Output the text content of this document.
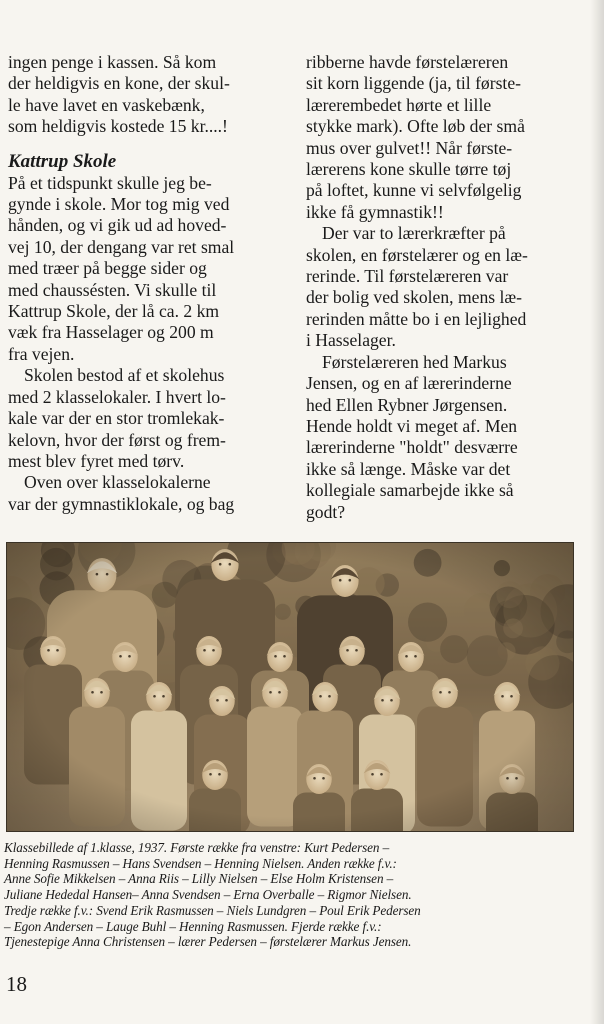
ingen penge i kassen. Så kom
der heldigvis en kone, der skul-
le have lavet en vaskebænk,
som heldigvis kostede 15 kr....!

Kattrup Skole

På et tidspunkt skulle jeg be-
gynde i skole. Mor tog mig ved
hånden, og vi gik ud ad hoved-
vej 10, der dengang var ret smal
med træer på begge sider og
med chaussésten. Vi skulle til
Kattrup Skole, der lå ca. 2 km
væk fra Hasselager og 200 m
fra vejen.

Skolen bestod af et skolehus
med 2 klasselokaler. I hvert lo-
kale var der en stor tromlekak-
kelovn, hvor der først og frem-
mest blev fyret med tørv.

Oven over klasselokalerne
var der gymnastiklokale, og bag

ribberne havde førstelæreren
sit korn liggende (ja, til første-
lærerembedet hørte et lille
stykke mark). Ofte løb der små
mus over gulvet!! Når første-
lærerens kone skulle tørre tøj
på loftet, kunne vi selvfølgelig
ikke få gymnastik!!

Der var to lærerkræfter på
skolen, en førstelærer og en læ-
rerinde. Til førstelæreren var
der bolig ved skolen, mens læ-
rerinden måtte bo i en lejlighed
i Hasselager.

Førstelæreren hed Markus
Jensen, og en af lærerinderne
hed Ellen Rybner Jørgensen.
Hende holdt vi meget af. Men
lærerinderne "holdt" desværre
ikke så længe. Måske var det
kollegiale samarbejde ikke så
godt?

Klassebillede af 1.klasse, 1937. Første række fra venstre: Kurt Pedersen –
Henning Rasmussen – Hans Svendsen – Henning Nielsen. Anden række f.v.:
Anne Sofie Mikkelsen – Anna Riis – Lilly Nielsen – Else Holm Kristensen –
Juliane Hededal Hansen– Anna Svendsen – Erna Overballe – Rigmor Nielsen.
Tredje række f.v.: Svend Erik Rasmussen – Niels Lundgren – Poul Erik Pedersen
– Egon Andersen – Lauge Buhl – Henning Rasmussen. Fjerde række f.v.:
Tjenestepige Anna Christensen – lærer Pedersen – førstelærer Markus Jensen.
18
